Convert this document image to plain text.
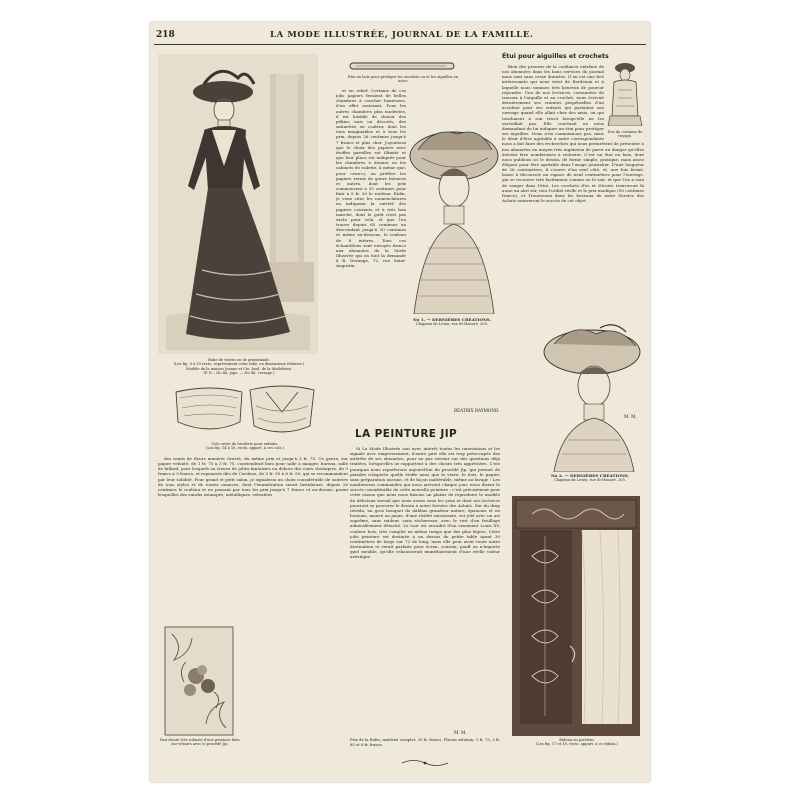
218	LA MODE ILLUSTRÉE, JOURNAL DE LA FAMILLE.
Robe de visites ou de promenade.
(Les fig. 9 à 10 recto, représentent cette robe, en dimensions réduites.)
Modèle de la maison Jeanne et Cie, boul. de la Madeleine.
(P. D. : No 46, jupe. — No 46, corsage.)
Cols ornés de broderie pour enfants.
(Les fig. 14 à 16, recto, appart. à ces cols.)

des semis de fleurs manière Gravet, du même prix et jusqu'à 3 fr. 75. Ce genre, sur papier velouté, de 1 fr. 75 à 3 fr. 75, conviendrait bien pour salle à manger, bureau, salle de billard, pour lesquels on trouve de jolies fantaisies en dehors des cuirs classiques, de 9 francs à 3 francs, et repoussés dits de Cordoue, de 3 fr. 95 à 6 fr. 50, qui se recommandent par leur solidité. Pour grand et petit salon, je signalerai un choix considérable de soieries de tous styles et de toutes nuances, dont l'énumération serait fastidieuse, depuis 26 centimes le rouleau et en passant par tous les prix jusqu'à 7 francs et au-dessus, parmi lesquelles des surahs estampés, métalliques, veloutées

Pan-clouté très robuste d'une peinture faite sur velours avec le procédé Jip.
Étui en bois pour protéger les crochets ou et les aiguilles en acier.

et en relief. Certains de ces jolis papiers feraient de belles chambres à coucher luxueuses, d'un effet ravissant. Pour les autres chambres plus modestes, il est loisible de choisir des pékins unis ou décorés, des satinettes en couleur, dont les tons imaginables et à tous les prix, depuis 26 centimes jusqu'à 7 francs et plus cher. J'ajouterai que le choix des papiers avec étoffes pareilles est illimité et que leur place est indiquée pour les chambres à donner ou les cabinets de toilette, à même que, pour ceux-ci, on préfère les papiers vernis de genre faïences et autres, dont les prix commencent à 35 centimes pour finir à 5 fr. 30 le rouleau. Enfin, je veux citer les nomenclatures en indiquant la variété des papiers courants et à très bon marché, dont le goût n'est pas exclu pour cela, et que l'on trouve depuis 65 centimes en descendant jusqu'à 30 centimes et même au-dessous, le rouleau de 8 mètres. Tous ces échantillons sont envoyés franco aux abonnées de la Mode Illustrée qui en font la demande à B. Dorange, 72, rue Saint-Augustin.

BÉATRIX RAYMOND.
No 1. — DERNIÈRES CRÉATIONS.
Chapeau de Lewis, rue St-Honoré, 205.
LA PEINTURE JIP

Si La Mode Illustrée suit avec intérêt toutes les innovations et les signale avec empressement, d'autre part elle est trop préoccupée des intérêts de ses abonnées, pour ne pas revenir sur des questions déjà traitées, lorsqu'elles se rapportent à des choses très appréciées. C'est pourquoi nous reparlerons aujourd'hui du procédé Jip, qui permet de peindre n'importe quelle étoffe ainsi que le verre, le bois, le papier, sans préparation aucune, et de façon inaltérable, même au lavage ! Les nombreuses commandes qui nous arrivent chaque jour, nous disent le succès considérable de cette nouvelle peinture : c'est précisément pour cette raison que nous nous faisons un plaisir de reproduire le modèle du délicieux travail que nous avons sous les yeux et dont nos lectrices pourront se procurer le dessin à notre Service des Achats. Sur du drap réséda, un gros bouquet de dahlias grandeur nature, épanouis et en boutons, mauve ou jaune, d'une réalité saisissante, est jeté avec un art suprême, sans raideur, sans sécheresse, avec le vert d'un feuillage admirablement détaché. Le tout est encadré d'un ornement Louis XV, couleur bois, très complet en même temps que des plus légers. Cette jolie peinture est destinée à un dessus de petite table ayant 30 centimètres de large sur 72 de long, mais elle peut avoir toute autre destination et serait parfaite pour écran, coussin, pouff ou n'importe quel meuble, qu'elle rehausserait immédiatement d'une réelle valeur artistique.

M. M.
Prix de la Boîte, matériel complet, 29 fr. francs. Flacon solution, 1 fr. 75, 2 fr. 85 et 6 fr. francs.
Étui pour aiguilles et crochets

Bien des preuves de la confiance extrême de nos abonnées dans les bons services du journal nous sont sans cesse données. Il en est une fort intéressante qui nous vient de Bordeaux et à laquelle nous sommes très heureux de pouvoir répondre. Une de nos lectrices, costumière de travaux à l'aiguille et au crochet, nous écrivait dernièrement ses craintes perpétuelles d'un accident pour ses enfants qui partaient son ouvrage quand elle allait chez des amis, ou qui touchaient à son tricot lorsqu'elle ne les surveillait pas. Elle concluait en nous demandant de lui indiquer un étui pour protéger ses aiguilles. Nous n'en connaissions pas, mais le désir d'être agréable à notre correspondante nous a fait faire des recherches qui nous permettent de présenter à nos abonnées un moyen très ingénieux de parer au danger qu'elles doivent être nombreuses à redouter. C'est un étui en bois, dont nous publions ici le dessin, de forme simple, pratique, mais assez élégant pour être agréable dans l'usage journalier. D'une longueur de 26 centimètres, il s'ouvre d'un seul côté, et, une fois fermé, laisse à découvert un espace de neuf centimètres pour l'ouvrage, qui se recouvre très facilement comme on le sait, et que l'on a soin de ranger dans l'étui. Les crochets d'os et d'ivoire trouveront là aussi un abri sûr, tout l'utilité réelle et le prix modique (90 centimes franco), et Trousseaux dans les bureaux de notre Service des Achats assureront le succès de cet objet.

M. M.
Dos du costume de voyage.
No 2. — DERNIÈRES CRÉATIONS.
Chapeau de Lewis, rue St-Honoré, 205.
Rideau ou portière.
(Les fig. 17 et 18, recto, appart. à ce rideau.)
